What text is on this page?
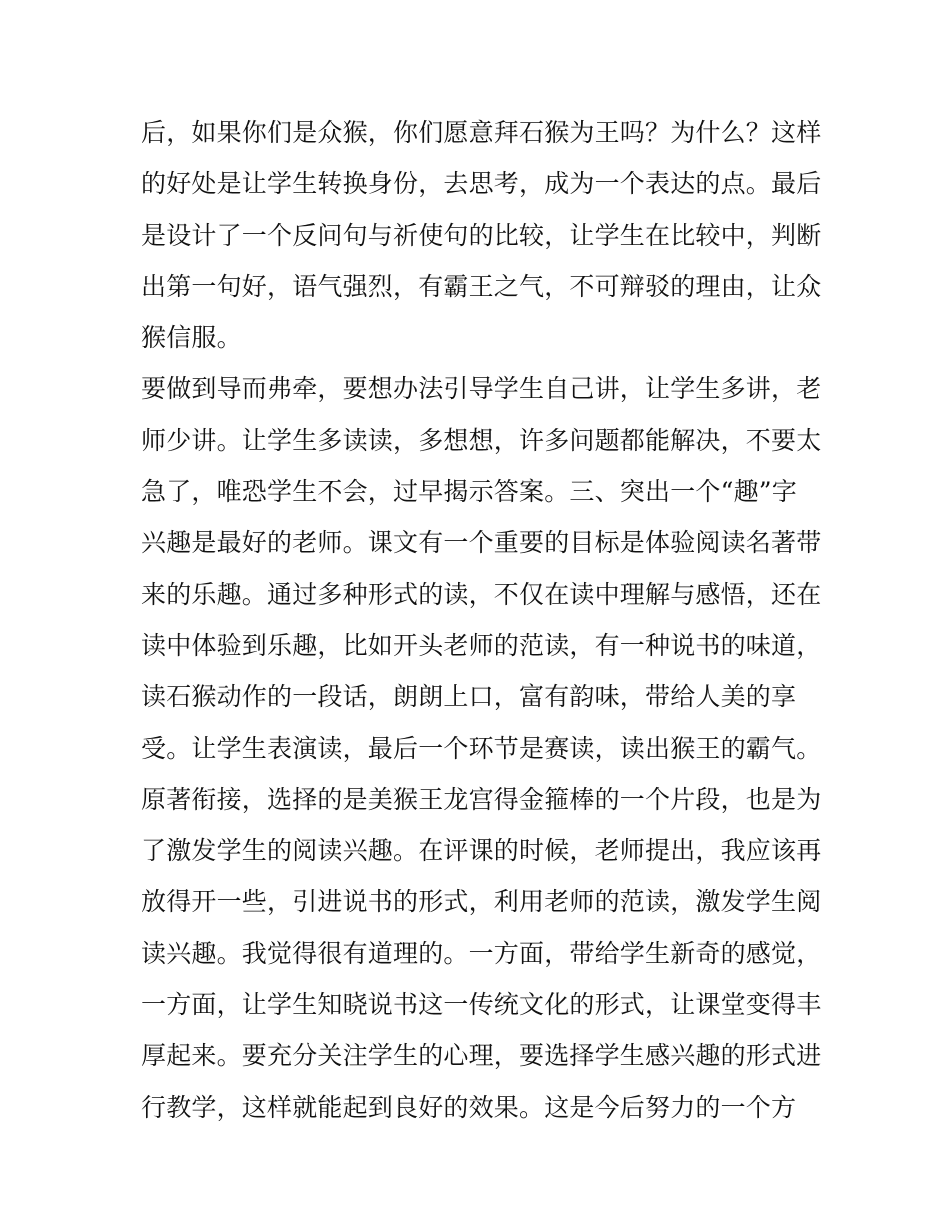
后，如果你们是众猴，你们愿意拜石猴为王吗？为什么？这样
的好处是让学生转换身份，去思考，成为一个表达的点。最后
是设计了一个反问句与祈使句的比较，让学生在比较中，判断
出第一句好，语气强烈，有霸王之气，不可辩驳的理由，让众
猴信服。
要做到导而弗牵，要想办法引导学生自己讲，让学生多讲，老
师少讲。让学生多读读，多想想，许多问题都能解决，不要太
急了，唯恐学生不会，过早揭示答案。三、突出一个“趣”字
兴趣是最好的老师。课文有一个重要的目标是体验阅读名著带
来的乐趣。通过多种形式的读，不仅在读中理解与感悟，还在
读中体验到乐趣，比如开头老师的范读，有一种说书的味道，
读石猴动作的一段话，朗朗上口，富有韵味，带给人美的享
受。让学生表演读，最后一个环节是赛读，读出猴王的霸气。
原著衔接，选择的是美猴王龙宫得金箍棒的一个片段，也是为
了激发学生的阅读兴趣。在评课的时候，老师提出，我应该再
放得开一些，引进说书的形式，利用老师的范读，激发学生阅
读兴趣。我觉得很有道理的。一方面，带给学生新奇的感觉，
一方面，让学生知晓说书这一传统文化的形式，让课堂变得丰
厚起来。要充分关注学生的心理，要选择学生感兴趣的形式进
行教学，这样就能起到良好的效果。这是今后努力的一个方
